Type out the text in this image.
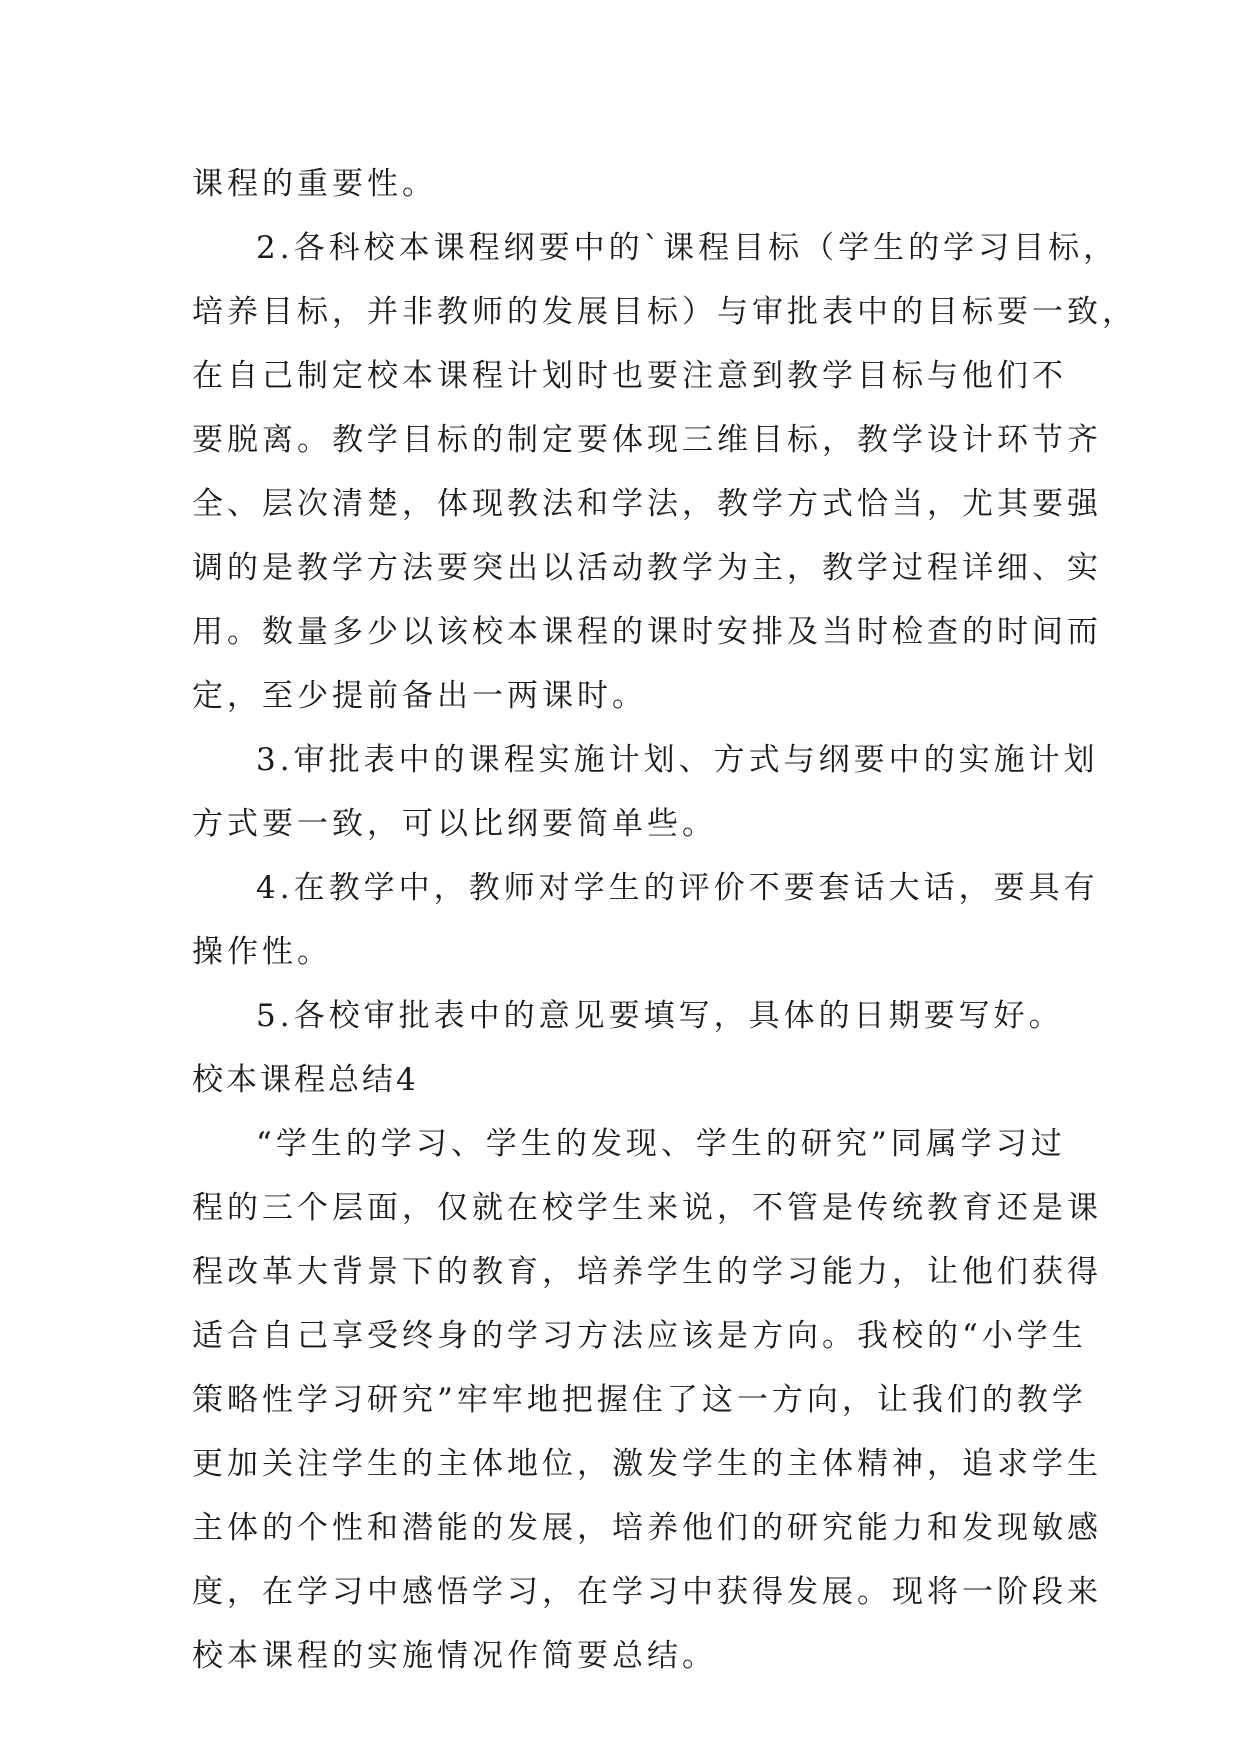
课程的重要性。
2.各科校本课程纲要中的`课程目标（学生的学习目标，
培养目标，并非教师的发展目标）与审批表中的目标要一致，
在自己制定校本课程计划时也要注意到教学目标与他们不
要脱离。教学目标的制定要体现三维目标，教学设计环节齐
全、层次清楚，体现教法和学法，教学方式恰当，尤其要强
调的是教学方法要突出以活动教学为主，教学过程详细、实
用。数量多少以该校本课程的课时安排及当时检查的时间而
定，至少提前备出一两课时。
3.审批表中的课程实施计划、方式与纲要中的实施计划
方式要一致，可以比纲要简单些。
4.在教学中，教师对学生的评价不要套话大话，要具有
操作性。
5.各校审批表中的意见要填写，具体的日期要写好。
校本课程总结4
“学生的学习、学生的发现、学生的研究”同属学习过
程的三个层面，仅就在校学生来说，不管是传统教育还是课
程改革大背景下的教育，培养学生的学习能力，让他们获得
适合自己享受终身的学习方法应该是方向。我校的“小学生
策略性学习研究”牢牢地把握住了这一方向，让我们的教学
更加关注学生的主体地位，激发学生的主体精神，追求学生
主体的个性和潜能的发展，培养他们的研究能力和发现敏感
度，在学习中感悟学习，在学习中获得发展。现将一阶段来
校本课程的实施情况作简要总结。
